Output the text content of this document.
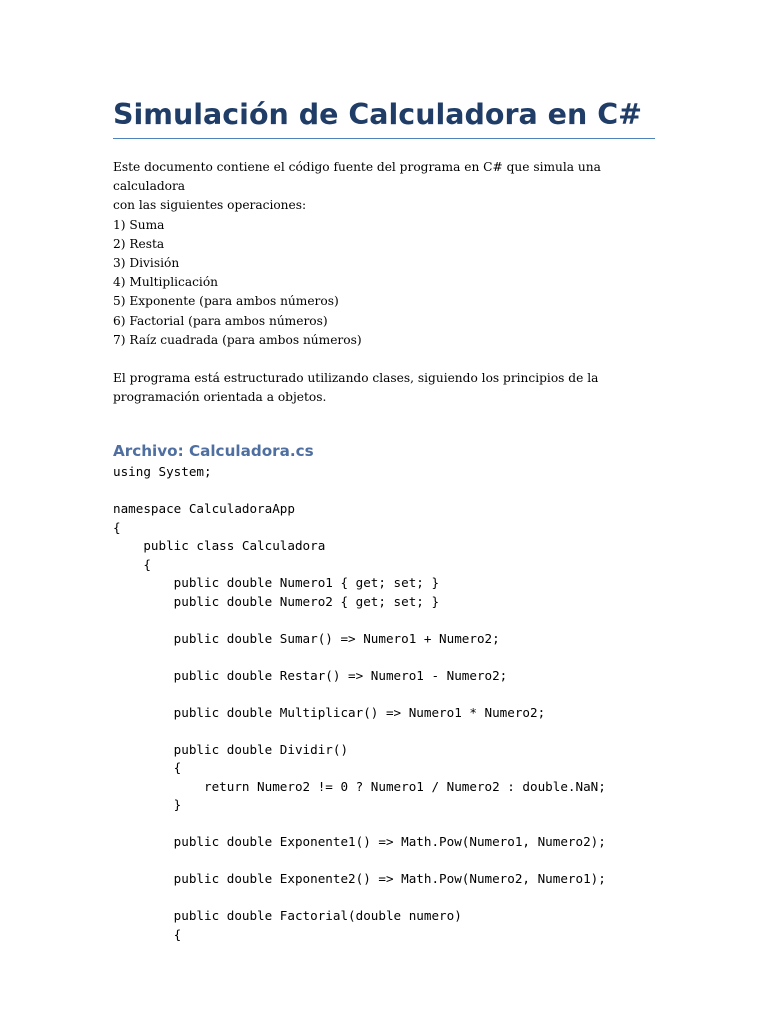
Simulación de Calculadora en C#
Este documento contiene el código fuente del programa en C# que simula una calculadora
con las siguientes operaciones:
1) Suma
2) Resta
3) División
4) Multiplicación
5) Exponente (para ambos números)
6) Factorial (para ambos números)
7) Raíz cuadrada (para ambos números)
El programa está estructurado utilizando clases, siguiendo los principios de la
programación orientada a objetos.
Archivo: Calculadora.cs
using System;
namespace CalculadoraApp
{
public class Calculadora
{
public double Numero1 { get; set; }
public double Numero2 { get; set; }
public double Sumar() => Numero1 + Numero2;
public double Restar() => Numero1 - Numero2;
public double Multiplicar() => Numero1 * Numero2;
public double Dividir()
{
return Numero2 != 0 ? Numero1 / Numero2 : double.NaN;
}
public double Exponente1() => Math.Pow(Numero1, Numero2);
public double Exponente2() => Math.Pow(Numero2, Numero1);
public double Factorial(double numero)
{
